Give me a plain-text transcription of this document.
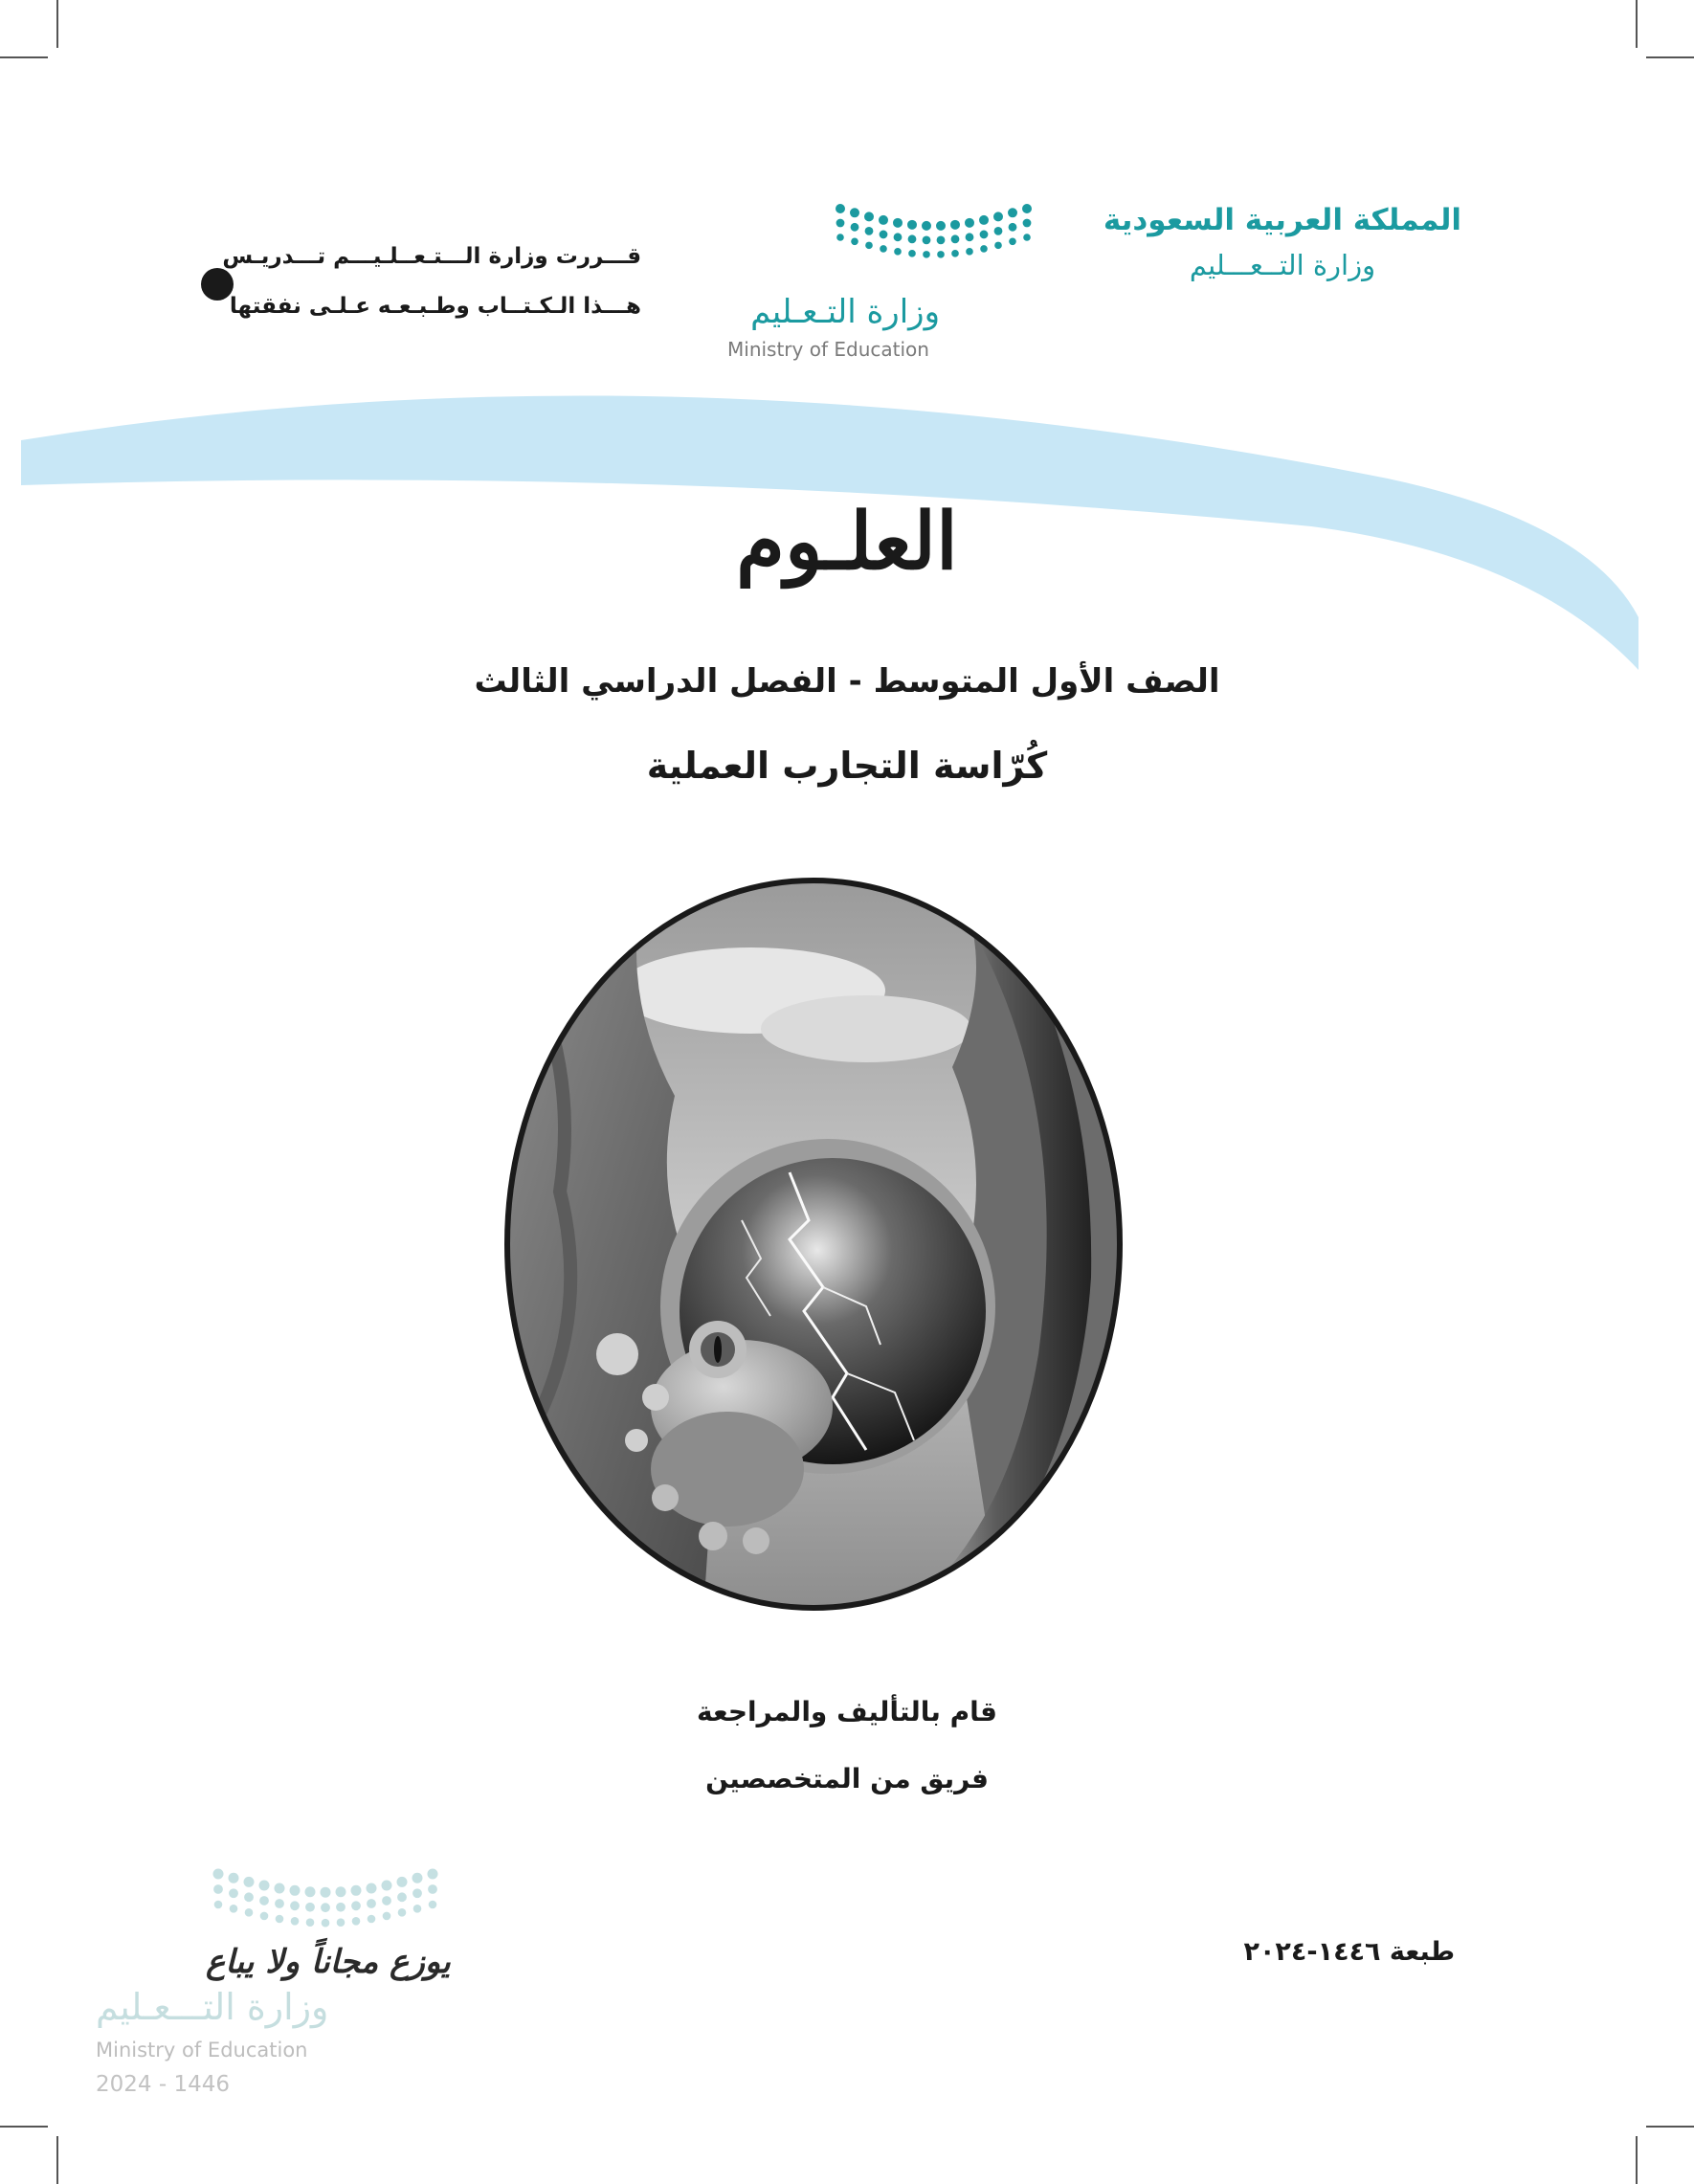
المملكة العربية السعودية
وزارة التــعـــليم
وزارة التـعـليم
Ministry of Education
قـــررت وزارة الـــتـعــلـيـــم تـــدريـس
هـــذا الـكـتــاب وطـبـعـه عـلـى نفقتها
العلـوم
الصف الأول المتوسط - الفصل الدراسي الثالث
كُرّاسة التجارب العملية
قام بالتأليف والمراجعة
فريق من المتخصصين
طبعة ١٤٤٦-٢٠٢٤
يوزع مجاناً ولا يباع
وزارة التـــعـليم
Ministry of Education
2024 - 1446
